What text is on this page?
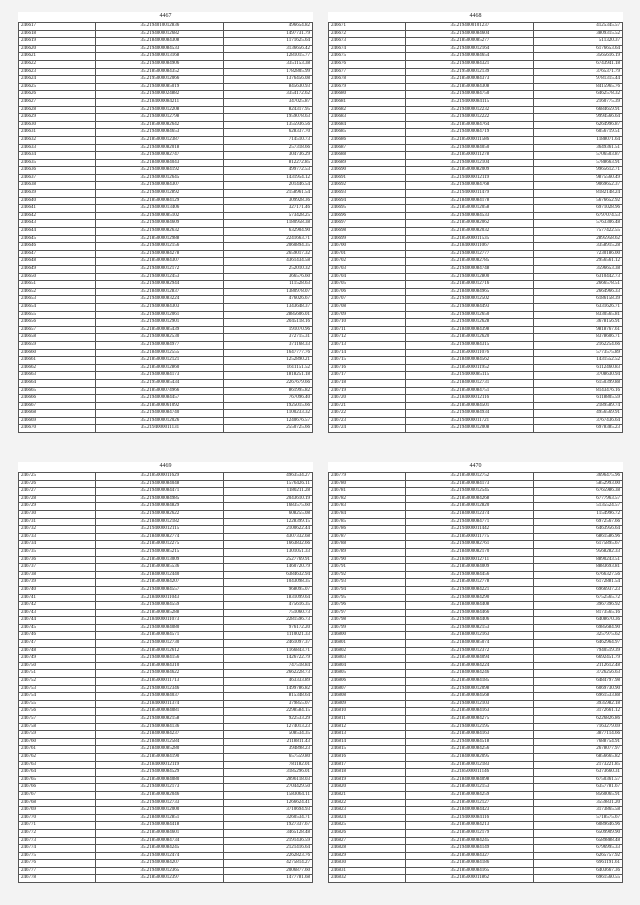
4467
246617	35.2194010012836	496654.82
246618	35.2194000012682	1497731.79
246619	35.2184000084308	1171625.64
246620	35.2194000084533	3136656.42
246621	35.2194000013168	1281015.77
246622	35.2194000084906	3351153.38
246623	35.2185000084352	1782805.99
246624	35.2195000012066	1376456.08
246625	35.2194000085019	845630.93
246626	35.2194000024882	3354172.62
246627	35.2184000084211	347025.87
246628	35.2194000012208	824317.95
246629	35.2194000012798	1959078.63
246630	35.2185000082642	1355936.56
246631	35.2194000084653	628337.70
246632	35.2185000012387	714510.73
246633	35.2194000082018	257318.66
246634	35.2194000082747	304736.29
246635	35.2184000084043	812272.85
246636	35.2194000084192	499772.53
246637	35.2194000012645	1431954.12
246638	35.2194000084307	201446.54
246639	35.2194000012892	2158961.54
246640	35.2185000084129	309928.36
246641	35.2194000013406	327171.46
246642	35.2194000085102	573428.25
246643	35.2194000084609	1180958.38
246644	35.2194000082632	632904.90
246645	35.2185000012988	2241663.71
246646	35.2194000012156	2060894.35
246647	35.2194000084278	2659017.32
246648	35.2185000084307	4361434.58
246649	35.2194000012172	252010.32
246650	35.2194000012453	366576.60
246651	35.2194000082944	111528.63
246652	35.2184000012837	1380978.07
246653	35.2194000083224	476026.67
246654	35.2194000084303	1343648.37
246655	35.2194000012061	2885606.01
246656	35.2194000012901	2045118.16
246657	35.2185000085439	191070.96
246658	35.2194000082530	372715.31
246659	35.2194000084977	371168.33
246660	35.2184000012555	1647777.76
246661	35.2185000012121	1252890.21
246662	35.2185000012860	1611151.52
246663	35.2194000084173	1818251.18
246664	35.2195000085434	2267679.66
246665	35.2185000074966	861995.82
246666	35.2194000084457	767096.40
246667	35.2185000061092	1925015.66
246668	35.2194000084740	1100233.32
246669	35.2194000012026	1240676.57
246670	35.2194000011131	2550725.66
4468
246671	35.2194000101237	4125345.57
246672	35.2194000084604	3809315.52
246673	35.2185000085277	511320.37
246674	35.2194000012164	6176653.64
246675	35.2194000084654	3565616.19
246676	35.2194000084321	6743941.18
246677	35.2195000012139	3765371.79
246678	35.2185000084373	9781315.44
246679	35.2185000084308	8415965.76
246680	35.2194000084750	6462578.32
246681	35.2194000084115	2160775.39
246682	35.2194000012232	6684659.91
246683	35.2194000012222	9994566.64
246684	35.2185000084764	6264996.87
246685	35.2194000084719	6056719.51
246686	35.2185000011586	1188071.64
246687	35.2194000084050	3649361.51
246688	35.2185000011278	5706503.87
246689	35.2194000012104	5788663.91
246690	35.2185000082009	9965612.71
246691	35.2194000012119	9875560.49
246692	35.2194000084768	9069652.37
246693	35.2194000011479	8182148.24
246694	35.2184000084178	5676652.92
246695	35.2185000012058	6971028.96
246696	35.2194000084533	6797074.53
246697	35.2185000082062	5763306.48
246698	35.2185000082032	7577422.55
246699	35.2185000011535	2895958.62
246700	35.2184000011067	3358915.28
246701	35.2194000012777	7230186.00
246702	35.2185000082785	2956561.12
246703	35.2194000084748	3596653.38
246704	35.2194000012800	6310442.73
246705	35.2185000012716	2666578.51
246706	35.2184000084965	2664966.33
246707	35.2194000012502	6186158.39
246708	35.2194000084493	6331626.71
246709	35.2194000012650	8330565.81
246710	35.2194000012628	3678156.91
246711	35.2184000084398	9818767.61
246712	35.2185000012620	8378606.71
246713	35.2194000084315	2162254.66
246714	35.2185000011076	5773575.89
246715	35.2184000084562	1431552.52
246716	35.2185000011952	6112460.83
246717	35.2194000085115	3708630.94
246718	35.2184000012731	6150399.88
246719	35.2185000084751	8143476.16
246720	35.2184000012116	6118805.59
246721	35.2185000084501	2189589.74
246722	35.2194000084934	4956569.91
246723	35.2194000011721	3767436.64
246724	35.2194000012008	6978385.23
4469
246725	35.2185000011629	4963534.27
246726	35.2194000084048	1576426.11
246727	35.2194000084471	1180211.28
246728	35.2194000084985	2043610.19
246729	35.2194000084829	1683575.60
246730	35.2194000082622	608255.08
246731	35.2184000012182	1228399.15
246732	35.2194000012115	2100622.44
246733	35.2184000082774	4307332.68
246734	35.2185000012275	1663832.66
246735	35.2194000085215	1301051.33
246736	35.2185000013009	2527769.91
246737	35.2185000085536	1460720.79
246738	35.2184000012440	6384632.94
246739	35.2185000084207	1043098.35
246740	35.2194000084557	968095.07
246741	35.2184000011043	1831099.64
246742	35.2194000084559	475616.35
246743	35.2185000085288	751060.73
246744	35.2184000011073	2281596.73
246745	35.2194000084080	976172.20
246746	35.2185000084571	1110021.33
246747	35.2194000012730	2461097.37
246748	35.2185000012612	1166843.71
246749	35.2194000084156	1426722.79
246750	35.2185000084310	747518.84
246751	35.2194000084622	2662228.73
246752	35.2185000011713	463333.89
246753	35.2194000012346	1499786.82
246754	35.2194000084037	815348.64
246755	35.2184000011374	379855.07
246756	35.2185000084081	2298584.15
246757	35.2194000082158	922533.29
246758	35.2194000084136	1274013.23
246759	35.2184000084237	508534.35
246760	35.2184000012584	2118811.43
246761	35.2184000085280	394898.23
246762	35.2185000084190	657559.80
246763	35.2184000012119	781182.01
246764	35.2194000084529	3185296.01
246765	35.2185000084080	2896118.03
246766	35.2194000012173	2704429.50
246767	35.2185000082046	1583064.11
246768	35.2194000012733	1266624.41
246769	35.2194000012000	3710694.93
246770	35.2184000012851	3260534.71
246771	35.2194000084418	1927337.67
246772	35.2185000084601	3465128.48
246773	35.2185000084734	2191436.59
246774	35.2185000084245	2121416.64
246775	35.2194000012474	2262823.76
246776	35.2194000084207	4275814.27
246777	35.2194000012365	2006877.60
246778	35.2185000012397	1477781.68
4470
246779	35.2185000012752	3696475.96
246780	35.2185000084173	5852993.00
246781	35.2194000012545	6765986.38
246782	35.2185000084268	6777963.57
246783	35.2185000012820	5135524.57
246784	35.2184000012374	1154996.72
246785	35.2194000084771	6972567.66
246786	35.2194000011442	6463956.64
246787	35.2185000011775	6861586.96
246788	35.2194000082761	6175895.67
246789	35.2184000082170	9568282.33
246790	35.2184000012711	8890243.51
246791	35.2185000084009	8883693.81
246792	35.2194000084456	6766327.56
246793	35.2185000012778	6172881.54
246794	35.2194000084221	6966937.23
246795	35.2194000084290	6752565.72
246796	35.2184000084408	3967396.92
246797	35.2194000084466	8173565.16
246798	35.2194000084406	6408670.36
246799	35.2194000082153	6985684.90
246800	35.2184000012163	3257975.62
246801	35.2184000085074	6462964.97
246802	35.2194000012372	7940519.39
246803	35.2185000084094	6692451.79
246804	35.2185000084224	2112612.48
246805	35.2184000084246	3726256.63
246806	35.2185000084185	6484797.98
246807	35.2194000012098	6069730.90
246808	35.2185000084568	6961533.88
246809	35.2194000012103	3935982.18
246810	35.2185000084163	3172661.12
246811	35.2185000084275	6226826.86
246812	35.2194000012195	7163279.69
246813	35.2185000084163	3877114.66
246814	35.2194000084518	7688754.91
246815	35.2185000084256	2678077.97
246816	35.2184000082095	6856665.82
246817	35.2185000012183	2173221.85
246818	35.2185000011146	6373660.31
246819	35.2184000084098	6750361.57
246820	35.2185000012153	6357781.67
246821	35.2185000084259	8560065.91
246822	35.2185000012127	3559831.20
246823	35.2184000084423	3173865.58
246824	35.2194000084116	5718575.67
246825	35.2185000084213	6089646.96
246826	35.2185000012179	6509909.90
246827	35.2185000084245	6589888.48
246828	35.2194000084149	6796995.33
246829	35.2185000084327	6265757.92
246830	35.2185000084186	6961191.61
246831	35.2185000084165	6403667.36
246832	35.2185000011862	6961560.55
